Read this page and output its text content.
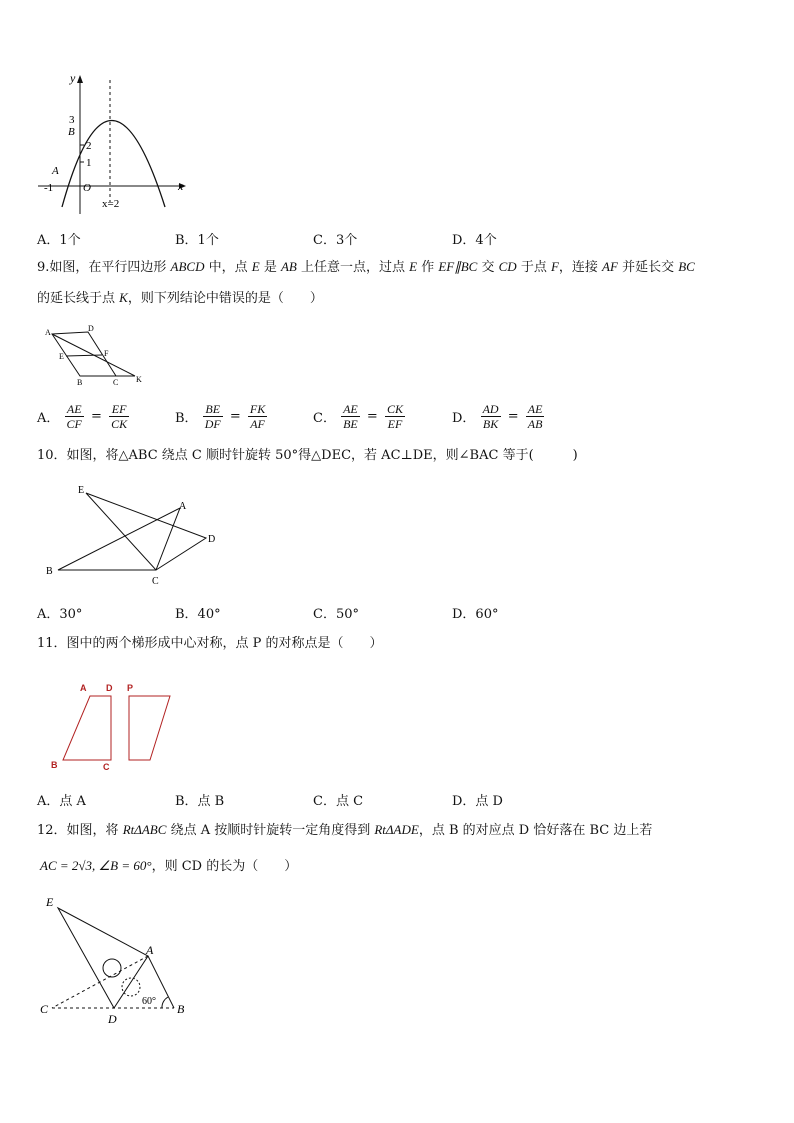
x
y
3
B
2
1
A
-1	O
x=2
A．1个	B．1个	C．3个	D．4个
9.如图，在平行四边形 ABCD 中，点 E 是 AB 上任意一点，过点 E 作 EF∥BC 交 CD 于点 F，连接 AF 并延长交 BC
的延长线于点 K，则下列结论中错误的是（　　）
A	D
E	F
B	C K
A． $\frac{AE}{CF} = \frac{EF}{CK}$	B． $\frac{BE}{DF} = \frac{FK}{AF}$	C． $\frac{AE}{BE} = \frac{CK}{EF}$	D． $\frac{AD}{BK} = \frac{AE}{AB}$
10．如图，将△ABC 绕点 C 顺时针旋转 50°得△DEC，若 AC⊥DE，则∠BAC 等于(　　　)
E
A
D
B
C
A．30°	B．40°	C．50°	D．60°
11．图中的两个梯形成中心对称，点 P 的对称点是（　　）
A D P
B	C
A．点 A	B．点 B	C．点 C	D．点 D
12．如图，将 RtΔABC 绕点 A 按顺时针旋转一定角度得到 RtΔADE，点 B 的对应点 D 恰好落在 BC 边上若
AC = 2√3, ∠B = 60°，则 CD 的长为（　　）
E
A
C
D
B
60°
